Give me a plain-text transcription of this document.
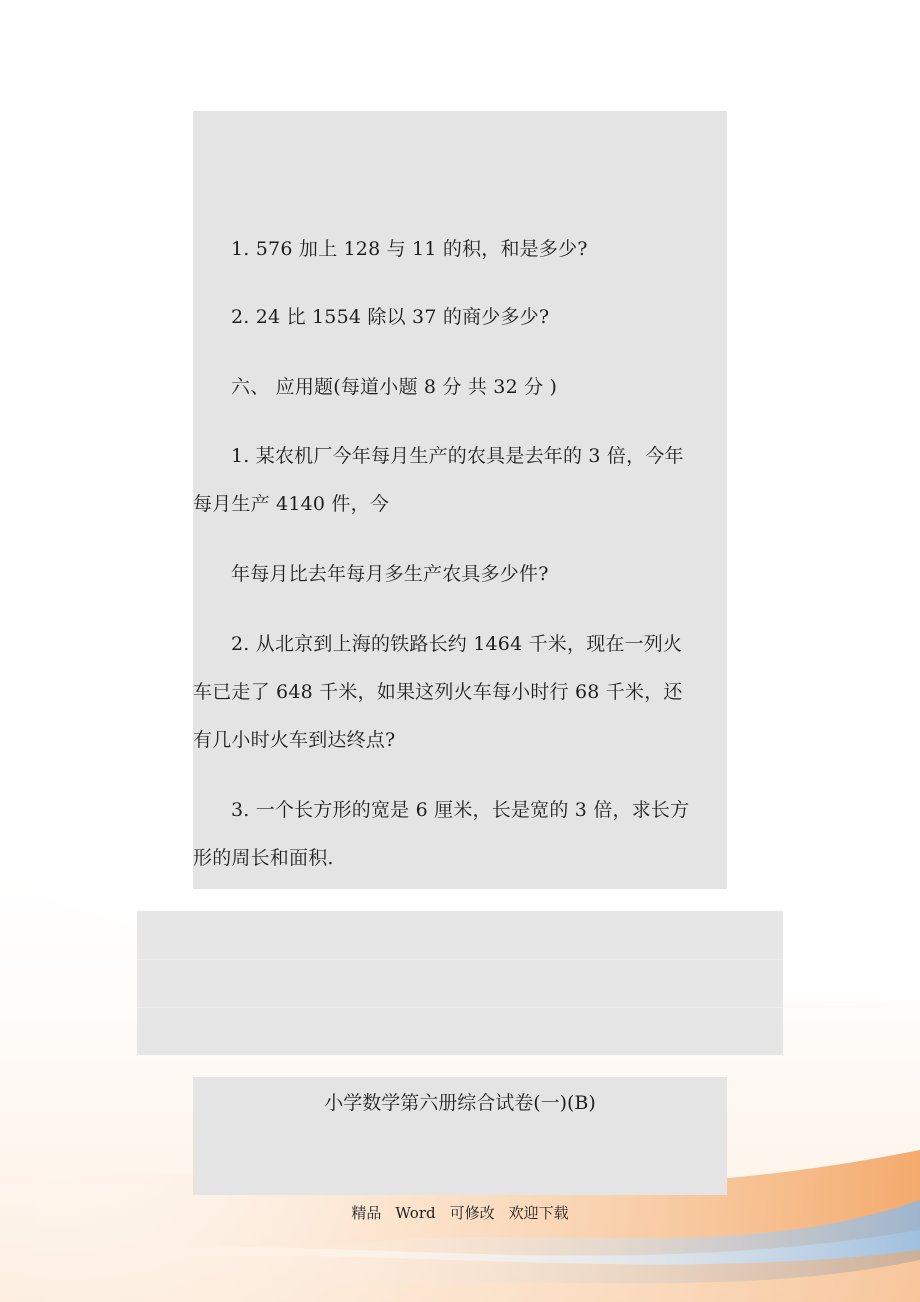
1. 576 加上 128 与 11 的积，和是多少?
2. 24 比 1554 除以 37 的商少多少?
六、 应用题(每道小题 8 分 共 32 分 )
1. 某农机厂今年每月生产的农具是去年的 3 倍，今年
每月生产 4140 件，今
年每月比去年每月多生产农具多少件?
2. 从北京到上海的铁路长约 1464 千米，现在一列火
车已走了 648 千米，如果这列火车每小时行 68 千米，还
有几小时火车到达终点?
3. 一个长方形的宽是 6 厘米，长是宽的 3 倍，求长方
形的周长和面积.
小学数学第六册综合试卷(一)(B)
精品 Word 可修改 欢迎下载
